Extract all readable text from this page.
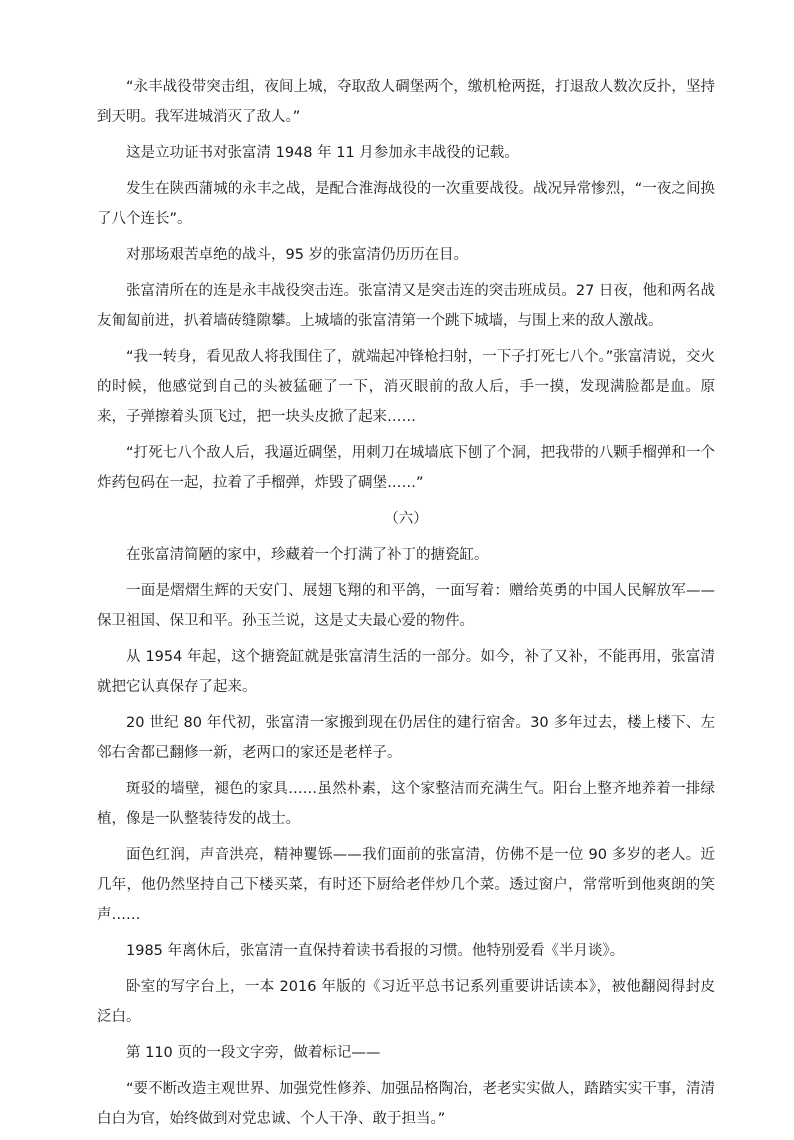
“永丰战役带突击组，夜间上城，夺取敌人碉堡两个，缴机枪两挺，打退敌人数次反扑，坚持到天明。我军进城消灭了敌人。”

这是立功证书对张富清 1948 年 11 月参加永丰战役的记载。

发生在陕西蒲城的永丰之战，是配合淮海战役的一次重要战役。战况异常惨烈，“一夜之间换了八个连长”。

对那场艰苦卓绝的战斗，95 岁的张富清仍历历在目。

张富清所在的连是永丰战役突击连。张富清又是突击连的突击班成员。27 日夜，他和两名战友匍匐前进，扒着墙砖缝隙攀。上城墙的张富清第一个跳下城墙，与围上来的敌人激战。

“我一转身，看见敌人将我围住了，就端起冲锋枪扫射，一下子打死七八个。”张富清说，交火的时候，他感觉到自己的头被猛砸了一下，消灭眼前的敌人后，手一摸，发现满脸都是血。原来，子弹擦着头顶飞过，把一块头皮掀了起来……

“打死七八个敌人后，我逼近碉堡，用刺刀在城墙底下刨了个洞，把我带的八颗手榴弹和一个炸药包码在一起，拉着了手榴弹，炸毁了碉堡……”

（六）

在张富清简陋的家中，珍藏着一个打满了补丁的搪瓷缸。

一面是熠熠生辉的天安门、展翅飞翔的和平鸽，一面写着：赠给英勇的中国人民解放军——保卫祖国、保卫和平。孙玉兰说，这是丈夫最心爱的物件。

从 1954 年起，这个搪瓷缸就是张富清生活的一部分。如今，补了又补，不能再用，张富清就把它认真保存了起来。

20 世纪 80 年代初，张富清一家搬到现在仍居住的建行宿舍。30 多年过去，楼上楼下、左邻右舍都已翻修一新，老两口的家还是老样子。

斑驳的墙壁，褪色的家具……虽然朴素，这个家整洁而充满生气。阳台上整齐地养着一排绿植，像是一队整装待发的战士。

面色红润，声音洪亮，精神矍铄——我们面前的张富清，仿佛不是一位 90 多岁的老人。近几年，他仍然坚持自己下楼买菜，有时还下厨给老伴炒几个菜。透过窗户，常常听到他爽朗的笑声……

1985 年离休后，张富清一直保持着读书看报的习惯。他特别爱看《半月谈》。

卧室的写字台上，一本 2016 年版的《习近平总书记系列重要讲话读本》，被他翻阅得封皮泛白。

第 110 页的一段文字旁，做着标记——

“要不断改造主观世界、加强党性修养、加强品格陶冶，老老实实做人，踏踏实实干事，清清白白为官，始终做到对党忠诚、个人干净、敢于担当。”
